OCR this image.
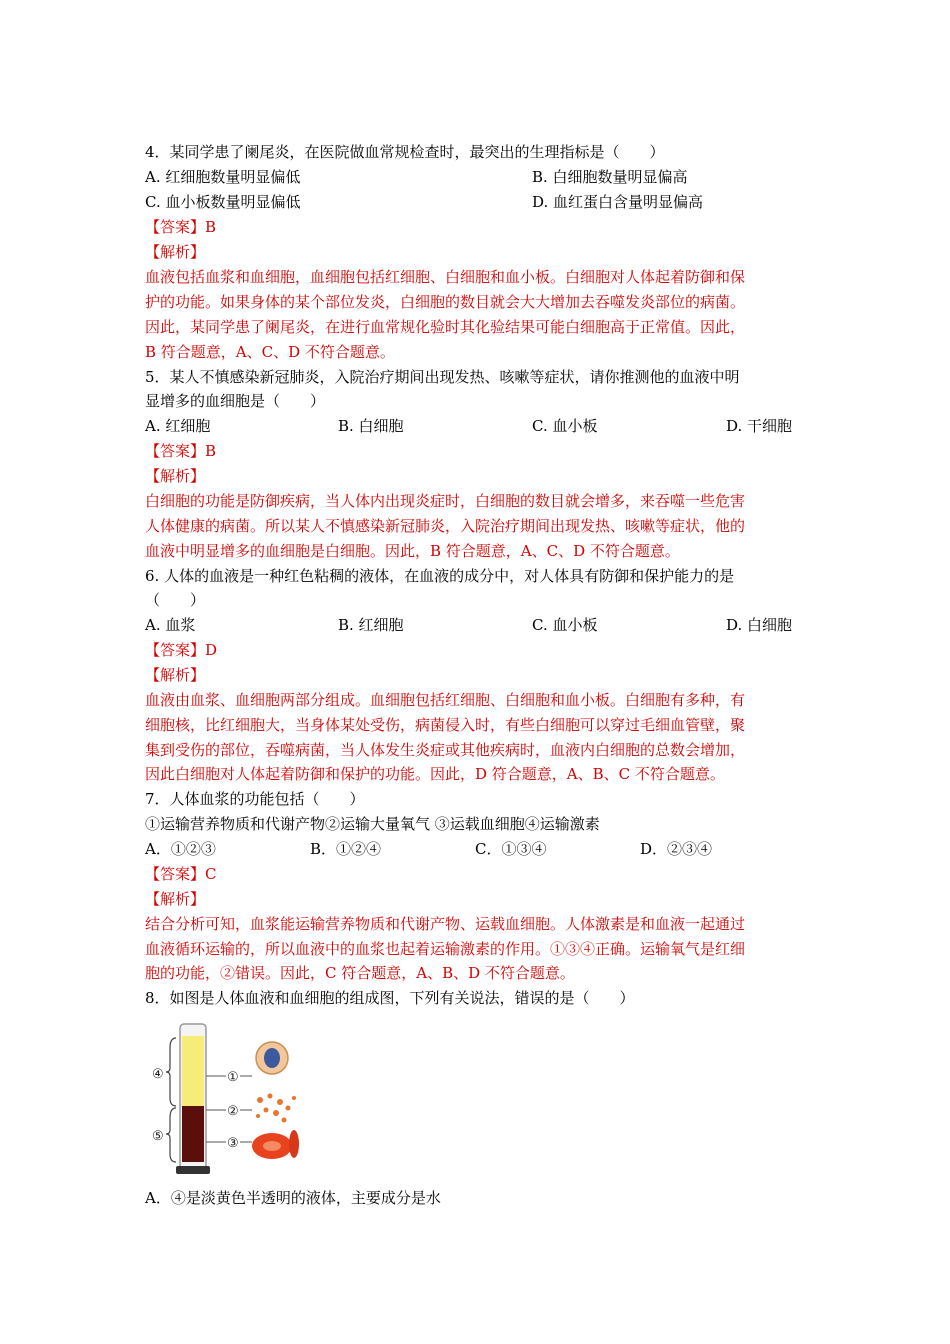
4．某同学患了阑尾炎，在医院做血常规检查时，最突出的生理指标是（　　）
A. 红细胞数量明显偏低	B. 白细胞数量明显偏高
C. 血小板数量明显偏低	D. 血红蛋白含量明显偏高
【答案】B
【解析】
血液包括血浆和血细胞，血细胞包括红细胞、白细胞和血小板。白细胞对人体起着防御和保
护的功能。如果身体的某个部位发炎，白细胞的数目就会大大增加去吞噬发炎部位的病菌。
因此，某同学患了阑尾炎，在进行血常规化验时其化验结果可能白细胞高于正常值。因此，
B 符合题意，A、C、D 不符合题意。
5．某人不慎感染新冠肺炎，入院治疗期间出现发热、咳嗽等症状，请你推测他的血液中明
显增多的血细胞是（　　）
A. 红细胞	B. 白细胞	C. 血小板	D. 干细胞
【答案】B
【解析】
白细胞的功能是防御疾病，当人体内出现炎症时，白细胞的数目就会增多，来吞噬一些危害
人体健康的病菌。所以某人不慎感染新冠肺炎，入院治疗期间出现发热、咳嗽等症状，他的
血液中明显增多的血细胞是白细胞。因此，B 符合题意，A、C、D 不符合题意。
6. 人体的血液是一种红色粘稠的液体，在血液的成分中，对人体具有防御和保护能力的是
（　　）
A. 血浆	B. 红细胞	C. 血小板	D. 白细胞
【答案】D
【解析】
血液由血浆、血细胞两部分组成。血细胞包括红细胞、白细胞和血小板。白细胞有多种，有
细胞核，比红细胞大，当身体某处受伤，病菌侵入时，有些白细胞可以穿过毛细血管壁，聚
集到受伤的部位，吞噬病菌，当人体发生炎症或其他疾病时，血液内白细胞的总数会增加，
因此白细胞对人体起着防御和保护的功能。因此，D 符合题意，A、B、C 不符合题意。
7．人体血浆的功能包括（　　）
①运输营养物质和代谢产物②运输大量氧气 ③运载血细胞④运输激素
A．①②③	B．①②④	C．①③④	D．②③④
【答案】C
【解析】
结合分析可知，血浆能运输营养物质和代谢产物、运载血细胞。人体激素是和血液一起通过
血液循环运输的，所以血液中的血浆也起着运输激素的作用。①③④正确。运输氧气是红细
胞的功能，②错误。因此，C 符合题意，A、B、D 不符合题意。
8．如图是人体血液和血细胞的组成图，下列有关说法，错误的是（　　）
④
⑤
①
②
③
A．④是淡黄色半透明的液体，主要成分是水
